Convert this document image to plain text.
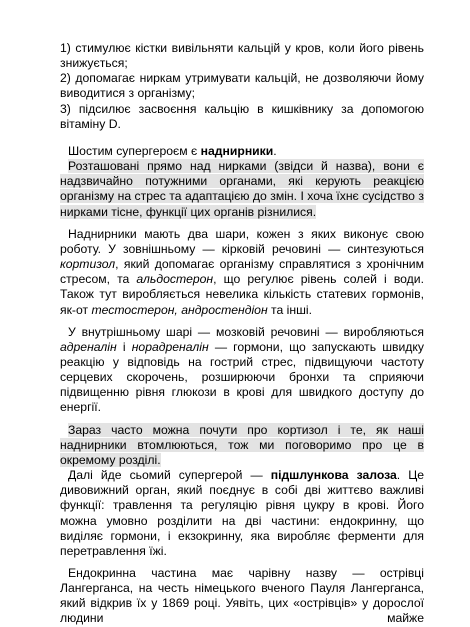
1) стимулює кістки вивільняти кальцій у кров, коли його рівень знижується;

2) допомагає ниркам утримувати кальцій, не дозволяючи йому виводитися з організму;

3) підсилює засвоєння кальцію в кишківнику за допомогою вітаміну D.

Шостим супергероєм є наднирники.

Розташовані прямо над нирками (звідси й назва), вони є надзвичайно потужними органами, які керують реакцією організму на стрес та адаптацією до змін. І хоча їхнє сусідство з нирками тісне, функції цих органів різнилися.

Наднирники мають два шари, кожен з яких виконує свою роботу. У зовнішньому — кірковій речовині — синтезуються кортизол, який допомагає організму справлятися з хронічним стресом, та альдостерон, що регулює рівень солей і води. Також тут виробляється невелика кількість статевих гормонів, як-от тестостерон, андростендіон та інші.

У внутрішньому шарі — мозковій речовині — виробляються адреналін і норадреналін — гормони, що запускають швидку реакцію у відповідь на гострий стрес, підвищуючи частоту серцевих скорочень, розширюючи бронхи та сприяючи підвищенню рівня глюкози в крові для швидкого доступу до енергії.

Зараз часто можна почути про кортизол і те, як наші наднирники втомлюються, тож ми поговоримо про це в окремому розділі.

Далі йде сьомий супергерой — підшлункова залоза. Це дивовижний орган, який поєднує в собі дві життєво важливі функції: травлення та регуляцію рівня цукру в крові. Його можна умовно розділити на дві частини: ендокринну, що виділяє гормони, і екзокринну, яка виробляє ферменти для перетравлення їжі.

Ендокринна частина має чарівну назву — острівці Лангерганса, на честь німецького вченого Пауля Лангерганса, який відкрив їх у 1869 році. Уявіть, цих «острівців» у дорослої людини майже
